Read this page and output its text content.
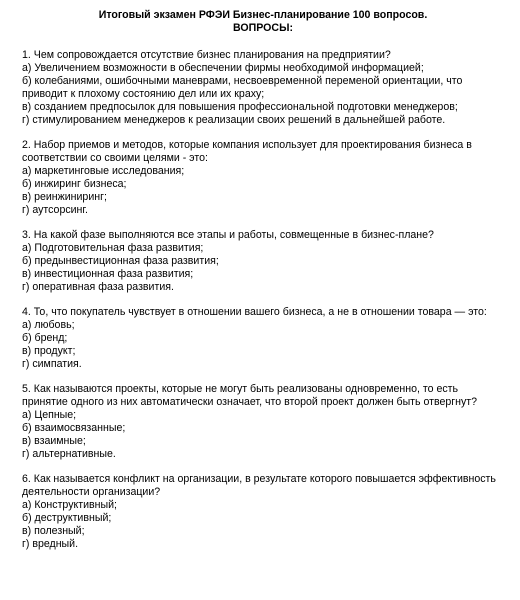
Итоговый экзамен РФЭИ Бизнес-планирование 100 вопросов.
ВОПРОСЫ:

1. Чем сопровождается отсутствие бизнес планирования на предприятии?

а) Увеличением возможности в обеспечении фирмы необходимой информацией;

б) колебаниями, ошибочными маневрами, несвоевременной переменой ориентации, что приводит к плохому состоянию дел или их краху;

в) созданием предпосылок для повышения профессиональной подготовки менеджеров;

г) стимулированием менеджеров к реализации своих решений в дальнейшей работе.

2. Набор приемов и методов, которые компания использует для проектирования бизнеса в соответствии со своими целями - это:

а) маркетинговые исследования;

б) инжиринг бизнеса;

в) реинжиниринг;

г) аутсорсинг.

3. На какой фазе выполняются все этапы и работы, совмещенные в бизнес-плане?

а) Подготовительная фаза развития;

б) предынвестиционная фаза развития;

в) инвестиционная фаза развития;

г) оперативная фаза развития.

4. То, что покупатель чувствует в отношении вашего бизнеса, а не в отношении товара — это:

а) любовь;

б) бренд;

в) продукт;

г) симпатия.

5. Как называются проекты, которые не могут быть реализованы одновременно, то есть принятие одного из них автоматически означает, что второй проект должен быть отвергнут?

а) Цепные;

б) взаимосвязанные;

в) взаимные;

г) альтернативные.

6. Как называется конфликт на организации, в результате которого повышается эффективность деятельности организации?

а) Конструктивный;

б) деструктивный;

в) полезный;

г) вредный.
